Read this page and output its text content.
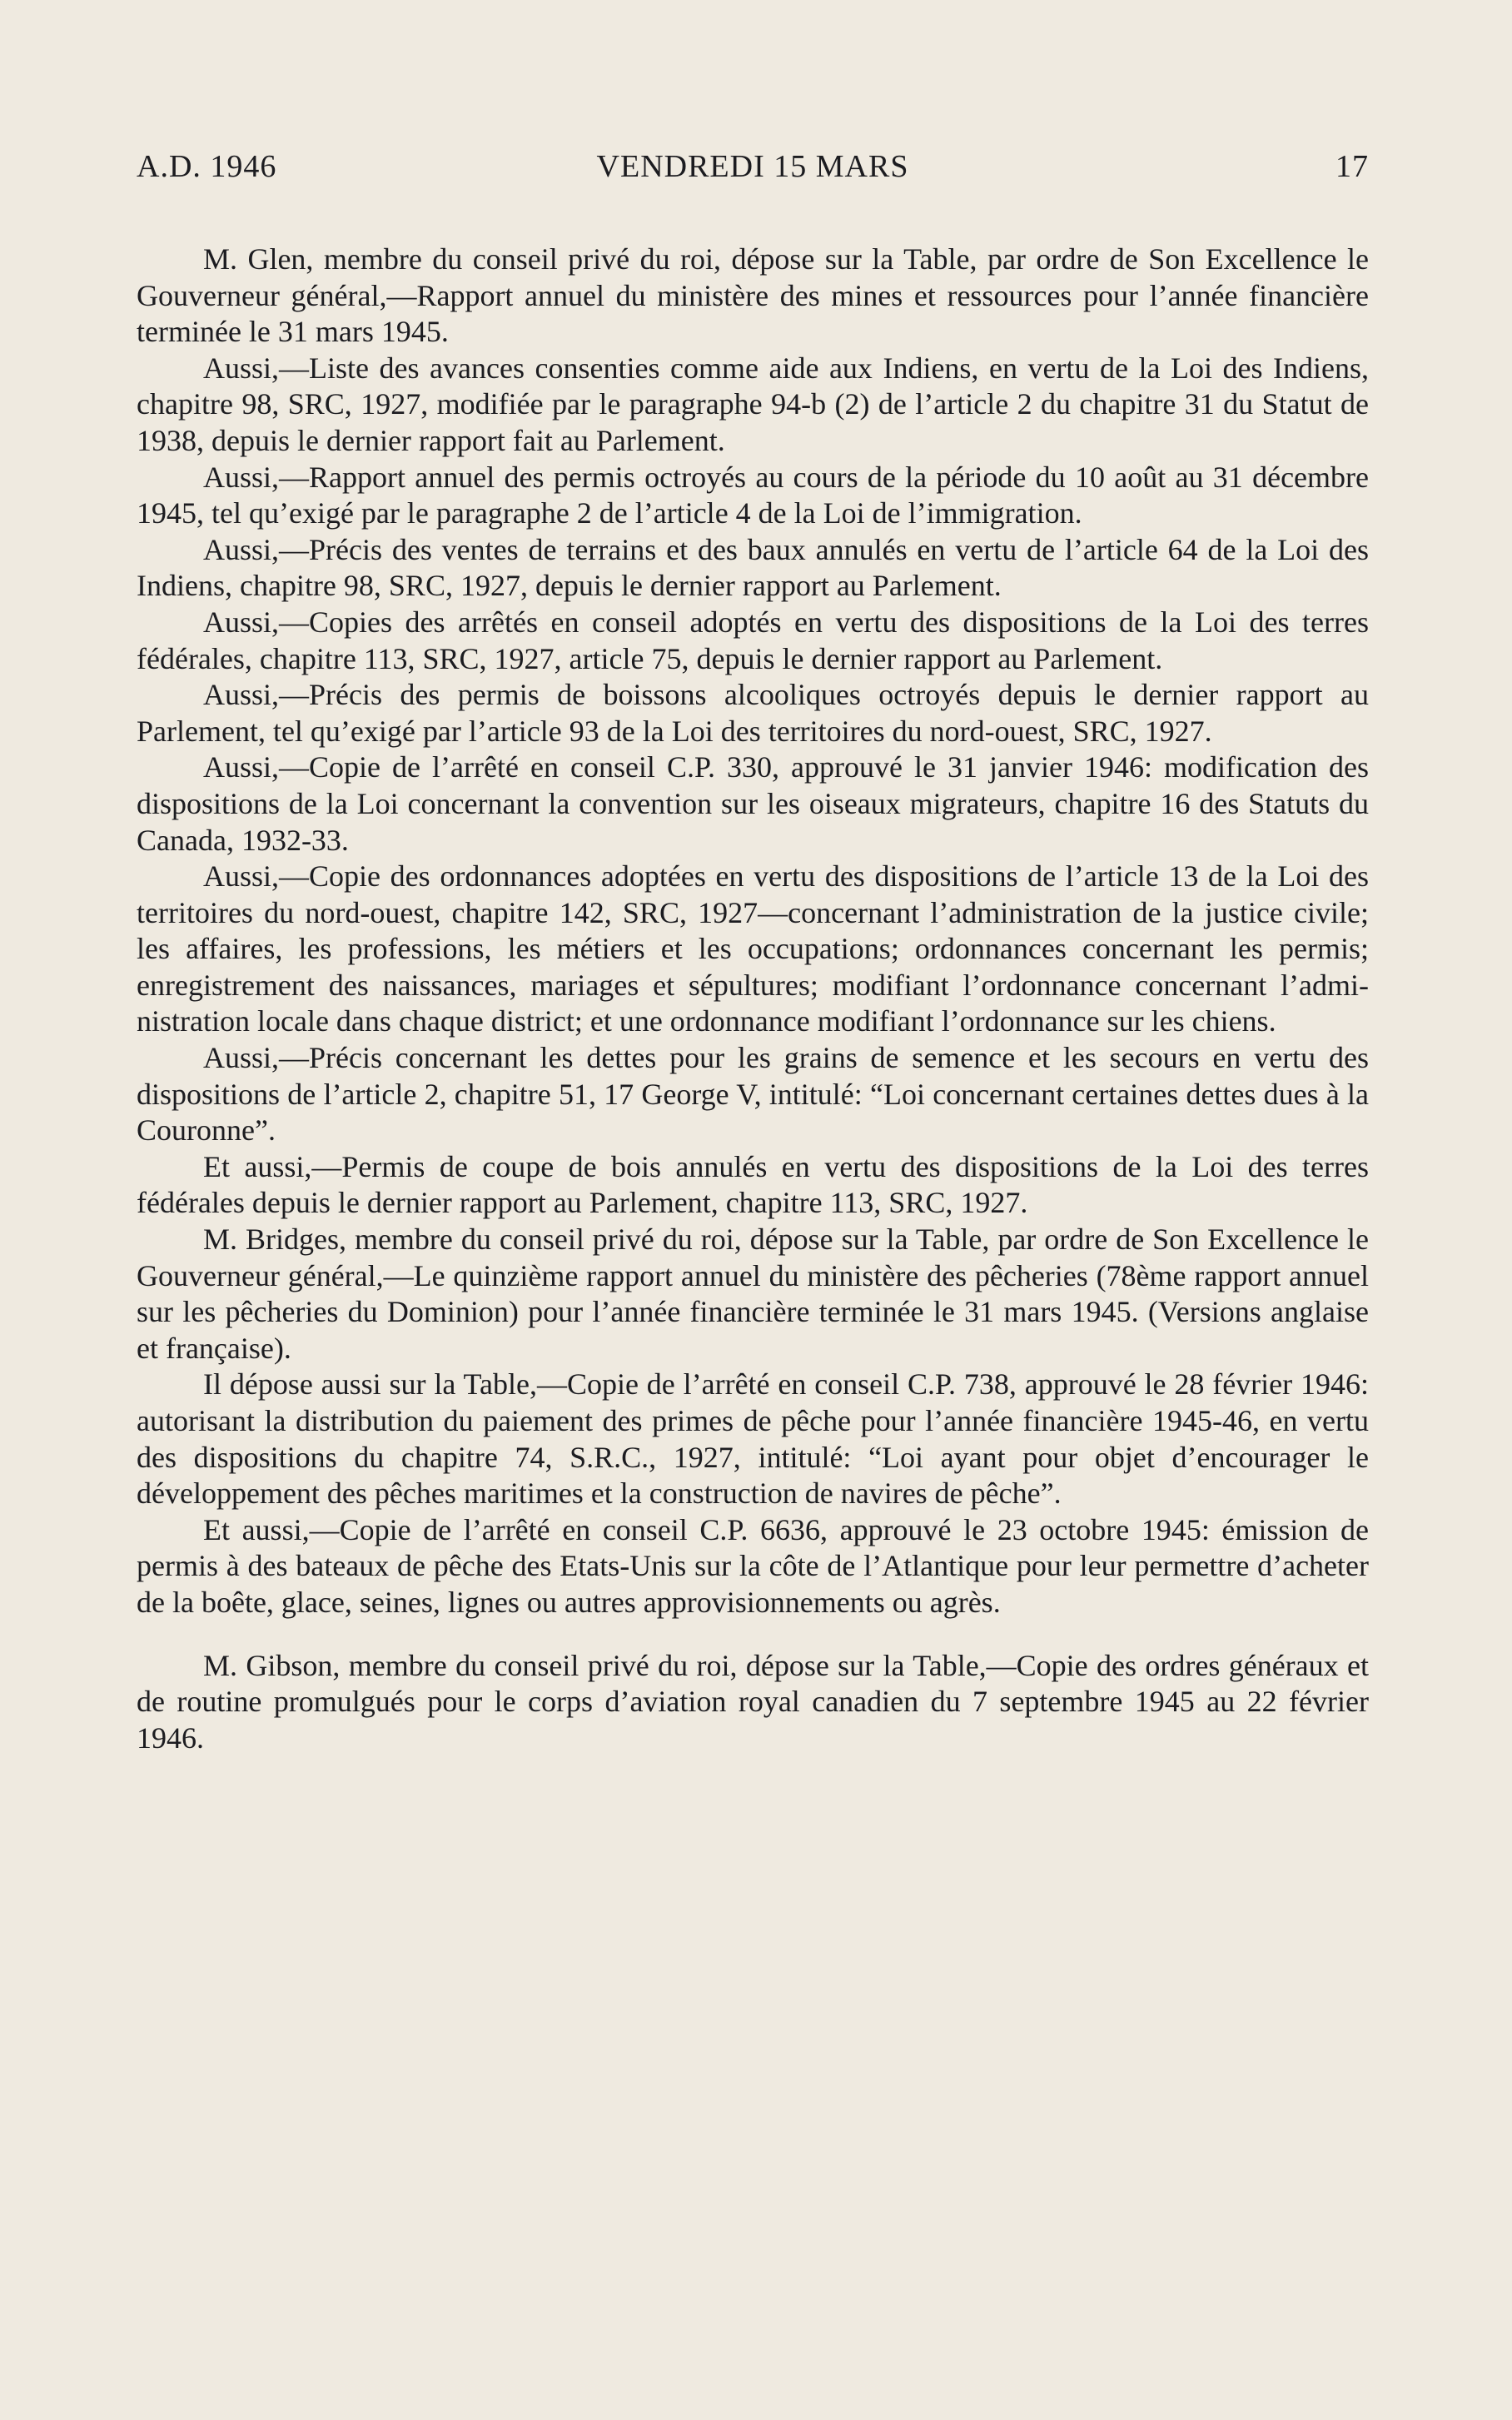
A.D. 1946	VENDREDI 15 MARS	17

M. Glen, membre du conseil privé du roi, dépose sur la Table, par ordre de Son Excellence le Gouverneur général,—Rapport annuel du ministère des mines et ressources pour l’année financière terminée le 31 mars 1945.

Aussi,—Liste des avances consenties comme aide aux Indiens, en vertu de la Loi des Indiens, chapitre 98, SRC, 1927, modifiée par le paragraphe 94-b (2) de l’article 2 du chapitre 31 du Statut de 1938, depuis le dernier rapport fait au Parlement.

Aussi,—Rapport annuel des permis octroyés au cours de la période du 10 août au 31 décembre 1945, tel qu’exigé par le paragraphe 2 de l’article 4 de la Loi de l’immigration.

Aussi,—Précis des ventes de terrains et des baux annulés en vertu de l’article 64 de la Loi des Indiens, chapitre 98, SRC, 1927, depuis le dernier rapport au Parlement.

Aussi,—Copies des arrêtés en conseil adoptés en vertu des dispositions de la Loi des terres fédérales, chapitre 113, SRC, 1927, article 75, depuis le dernier rapport au Parlement.

Aussi,—Précis des permis de boissons alcooliques octroyés depuis le dernier rapport au Parlement, tel qu’exigé par l’article 93 de la Loi des territoires du nord-ouest, SRC, 1927.

Aussi,—Copie de l’arrêté en conseil C.P. 330, approuvé le 31 janvier 1946: modification des dispositions de la Loi concernant la convention sur les oiseaux migrateurs, chapitre 16 des Statuts du Canada, 1932-33.

Aussi,—Copie des ordonnances adoptées en vertu des dispositions de l’article 13 de la Loi des territoires du nord-ouest, chapitre 142, SRC, 1927—concernant l’administration de la justice civile; les affaires, les professions, les métiers et les occupations; ordonnances concernant les permis; enregistrement des naissances, mariages et sépultures; modifiant l’ordonnance concernant l’administration locale dans chaque district; et une ordonnance modifiant l’ordonnance sur les chiens.

Aussi,—Précis concernant les dettes pour les grains de semence et les secours en vertu des dispositions de l’article 2, chapitre 51, 17 George V, intitulé: “Loi concernant certaines dettes dues à la Couronne”.

Et aussi,—Permis de coupe de bois annulés en vertu des dispositions de la Loi des terres fédérales depuis le dernier rapport au Parlement, chapitre 113, SRC, 1927.

M. Bridges, membre du conseil privé du roi, dépose sur la Table, par ordre de Son Excellence le Gouverneur général,—Le quinzième rapport annuel du ministère des pêcheries (78ème rapport annuel sur les pêcheries du Dominion) pour l’année financière terminée le 31 mars 1945. (Versions anglaise et française).

Il dépose aussi sur la Table,—Copie de l’arrêté en conseil C.P. 738, approuvé le 28 février 1946: autorisant la distribution du paiement des primes de pêche pour l’année financière 1945-46, en vertu des dispositions du chapitre 74, S.R.C., 1927, intitulé: “Loi ayant pour objet d’encourager le développement des pêches maritimes et la construction de navires de pêche”.

Et aussi,—Copie de l’arrêté en conseil C.P. 6636, approuvé le 23 octobre 1945: émission de permis à des bateaux de pêche des Etats-Unis sur la côte de l’Atlantique pour leur permettre d’acheter de la boête, glace, seines, lignes ou autres approvisionnements ou agrès.

M. Gibson, membre du conseil privé du roi, dépose sur la Table,—Copie des ordres généraux et de routine promulgués pour le corps d’aviation royal canadien du 7 septembre 1945 au 22 février 1946.
